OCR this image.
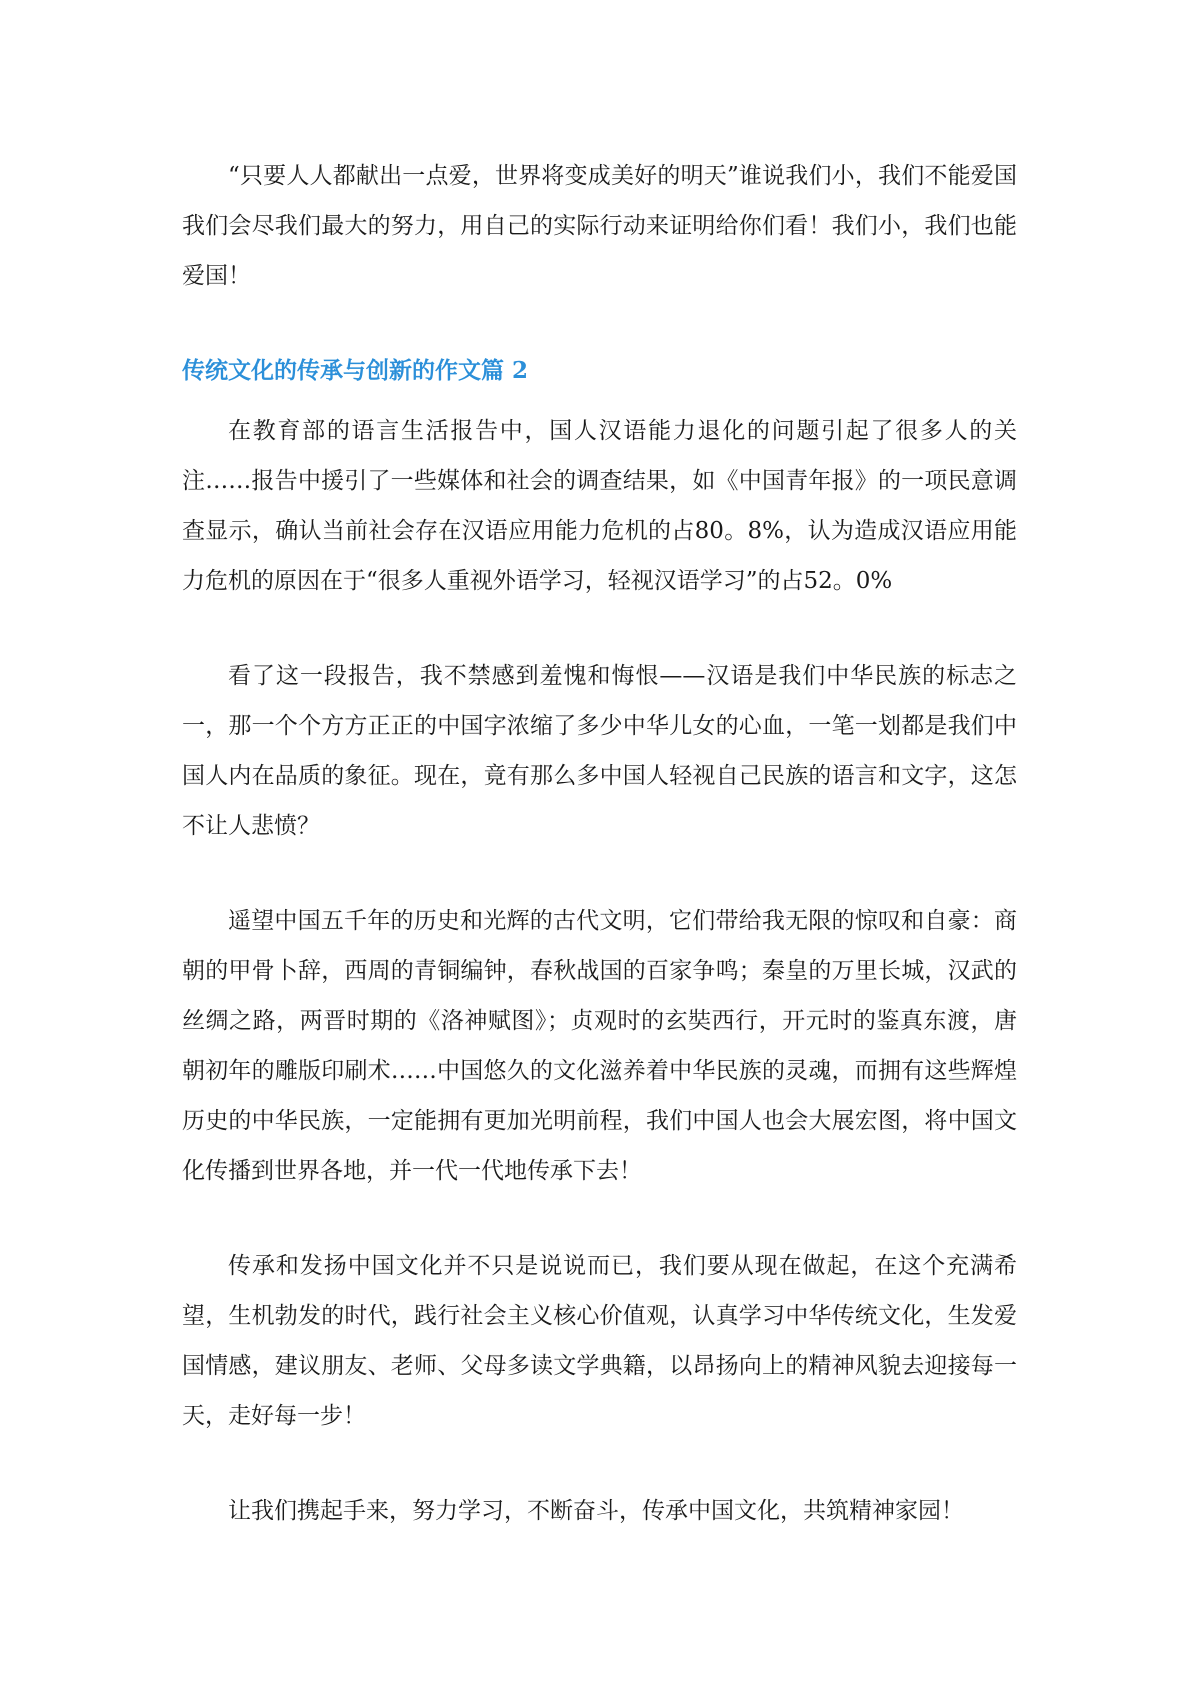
“只要人人都献出一点爱，世界将变成美好的明天”谁说我们小，我们不能爱国我们会尽我们最大的努力，用自己的实际行动来证明给你们看！我们小，我们也能爱国！

传统文化的传承与创新的作文篇 2

在教育部的语言生活报告中，国人汉语能力退化的问题引起了很多人的关注……报告中援引了一些媒体和社会的调查结果，如《中国青年报》的一项民意调查显示，确认当前社会存在汉语应用能力危机的占80。8%，认为造成汉语应用能力危机的原因在于“很多人重视外语学习，轻视汉语学习”的占52。0%

看了这一段报告，我不禁感到羞愧和悔恨——汉语是我们中华民族的标志之一，那一个个方方正正的中国字浓缩了多少中华儿女的心血，一笔一划都是我们中国人内在品质的象征。现在，竟有那么多中国人轻视自己民族的语言和文字，这怎不让人悲愤？

遥望中国五千年的历史和光辉的古代文明，它们带给我无限的惊叹和自豪：商朝的甲骨卜辞，西周的青铜编钟，春秋战国的百家争鸣；秦皇的万里长城，汉武的丝绸之路，两晋时期的《洛神赋图》；贞观时的玄奘西行，开元时的鉴真东渡，唐朝初年的雕版印刷术……中国悠久的文化滋养着中华民族的灵魂，而拥有这些辉煌历史的中华民族，一定能拥有更加光明前程，我们中国人也会大展宏图，将中国文化传播到世界各地，并一代一代地传承下去！

传承和发扬中国文化并不只是说说而已，我们要从现在做起，在这个充满希望，生机勃发的时代，践行社会主义核心价值观，认真学习中华传统文化，生发爱国情感，建议朋友、老师、父母多读文学典籍，以昂扬向上的精神风貌去迎接每一天，走好每一步！

让我们携起手来，努力学习，不断奋斗，传承中国文化，共筑精神家园！
